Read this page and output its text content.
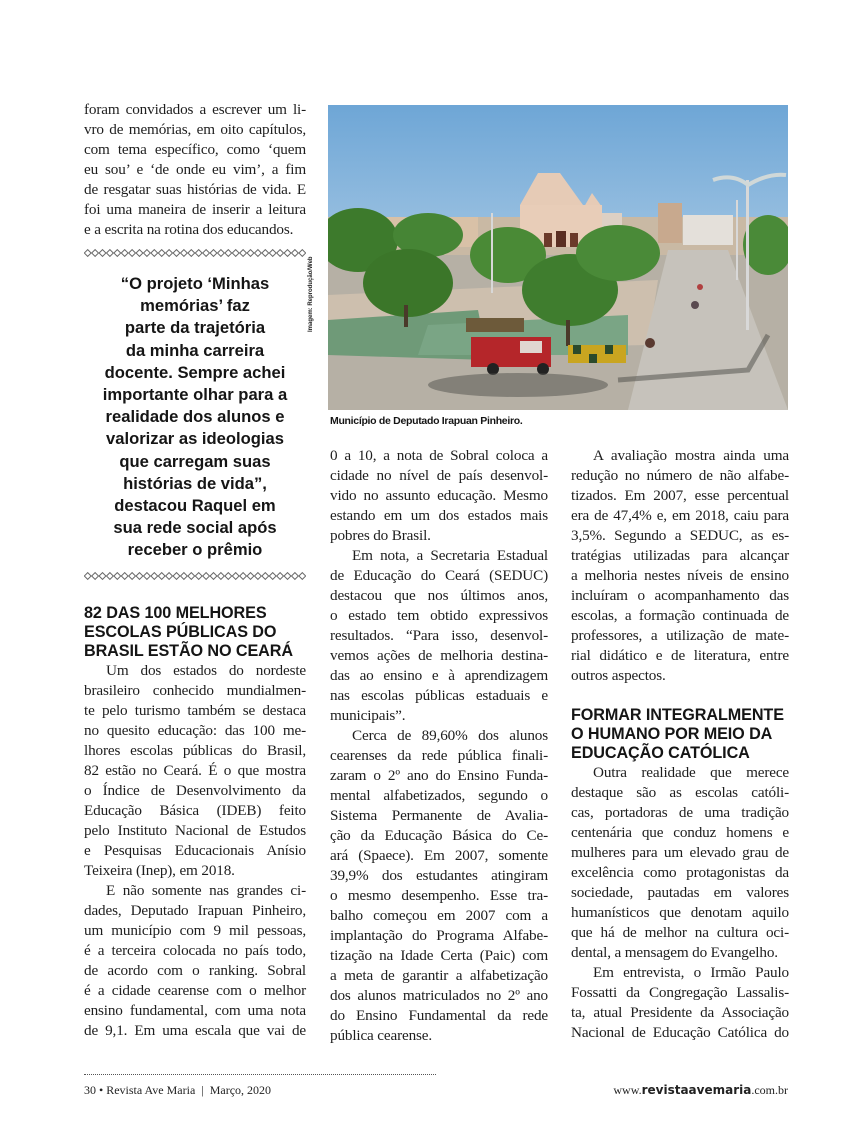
foram convidados a escrever um li-
vro de memórias, em oito capítulos,
com tema específico, como ‘quem
eu sou’ e ‘de onde eu vim’, a fim
de resgatar suas histórias de vida. E
foi uma maneira de inserir a leitura
e a escrita na rotina dos educandos.

“O projeto ‘Minhas
memórias’ faz
parte da trajetória
da minha carreira
docente. Sempre achei
importante olhar para a
realidade dos alunos e
valorizar as ideologias
que carregam suas
histórias de vida”,
destacou Raquel em
sua rede social após
receber o prêmio

82 DAS 100 MELHORES
ESCOLAS PÚBLICAS DO
BRASIL ESTÃO NO CEARÁ

Um dos estados do nordeste
brasileiro conhecido mundialmen-
te pelo turismo também se destaca
no quesito educação: das 100 me-
lhores escolas públicas do Brasil,
82 estão no Ceará. É o que mostra
o Índice de Desenvolvimento da
Educação Básica (IDEB) feito
pelo Instituto Nacional de Estudos
e Pesquisas Educacionais Anísio
Teixeira (Inep), em 2018.

E não somente nas grandes ci-
dades, Deputado Irapuan Pinheiro,
um município com 9 mil pessoas,
é a terceira colocada no país todo,
de acordo com o ranking. Sobral
é a cidade cearense com o melhor
ensino fundamental, com uma nota
de 9,1. Em uma escala que vai de

Imagem: Reprodução/Web
Município de Deputado Irapuan Pinheiro.

0 a 10, a nota de Sobral coloca a
cidade no nível de país desenvol-
vido no assunto educação. Mesmo
estando em um dos estados mais
pobres do Brasil.

Em nota, a Secretaria Estadual
de Educação do Ceará (SEDUC)
destacou que nos últimos anos,
o estado tem obtido expressivos
resultados. “Para isso, desenvol-
vemos ações de melhoria destina-
das ao ensino e à aprendizagem
nas escolas públicas estaduais e
municipais”.

Cerca de 89,60% dos alunos
cearenses da rede pública finali-
zaram o 2º ano do Ensino Funda-
mental alfabetizados, segundo o
Sistema Permanente de Avalia-
ção da Educação Básica do Ce-
ará (Spaece). Em 2007, somente
39,9% dos estudantes atingiram
o mesmo desempenho. Esse tra-
balho começou em 2007 com a
implantação do Programa Alfabe-
tização na Idade Certa (Paic) com
a meta de garantir a alfabetização
dos alunos matriculados no 2º ano
do Ensino Fundamental da rede
pública cearense.

A avaliação mostra ainda uma
redução no número de não alfabe-
tizados. Em 2007, esse percentual
era de 47,4% e, em 2018, caiu para
3,5%. Segundo a SEDUC, as es-
tratégias utilizadas para alcançar
a melhoria nestes níveis de ensino
incluíram o acompanhamento das
escolas, a formação continuada de
professores, a utilização de mate-
rial didático e de literatura, entre
outros aspectos.

FORMAR INTEGRALMENTE
O HUMANO POR MEIO DA
EDUCAÇÃO CATÓLICA

Outra realidade que merece
destaque são as escolas católi-
cas, portadoras de uma tradição
centenária que conduz homens e
mulheres para um elevado grau de
excelência como protagonistas da
sociedade, pautadas em valores
humanísticos que denotam aquilo
que há de melhor na cultura oci-
dental, a mensagem do Evangelho.

Em entrevista, o Irmão Paulo
Fossatti da Congregação Lassalis-
ta, atual Presidente da Associação
Nacional de Educação Católica do

30 • Revista Ave Maria | Março, 2020	www.revistaavemaria.com.br
